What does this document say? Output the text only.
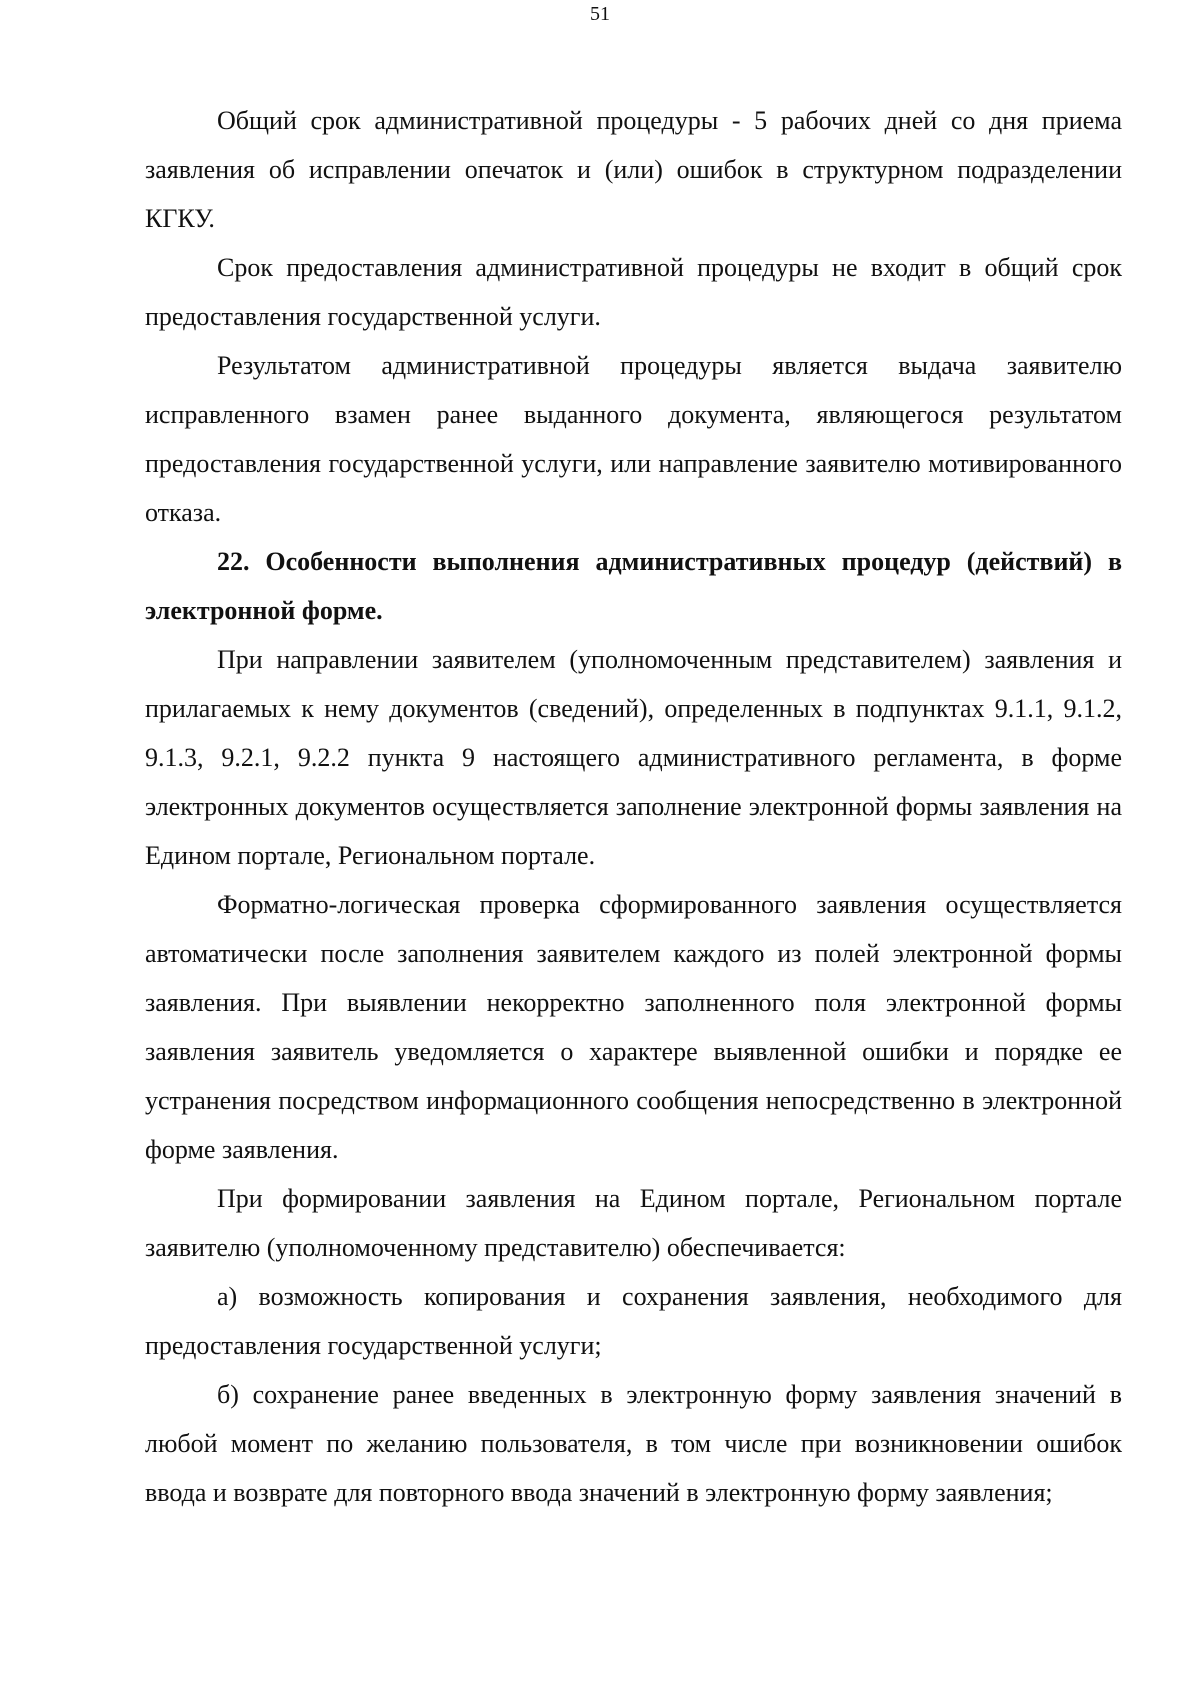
51

Общий срок административной процедуры - 5 рабочих дней со дня приема заявления об исправлении опечаток и (или) ошибок в структурном подразделении КГКУ.

Срок предоставления административной процедуры не входит в общий срок предоставления государственной услуги.

Результатом административной процедуры является выдача заявителю исправленного взамен ранее выданного документа, являющегося результатом предоставления государственной услуги, или направление заявителю мотивированного отказа.

22. Особенности выполнения административных процедур (действий) в электронной форме.

При направлении заявителем (уполномоченным представителем) заявления и прилагаемых к нему документов (сведений), определенных в подпунктах 9.1.1, 9.1.2, 9.1.3, 9.2.1, 9.2.2 пункта 9 настоящего административного регламента, в форме электронных документов осуществляется заполнение электронной формы заявления на Едином портале, Региональном портале.

Форматно-логическая проверка сформированного заявления осуществляется автоматически после заполнения заявителем каждого из полей электронной формы заявления. При выявлении некорректно заполненного поля электронной формы заявления заявитель уведомляется о характере выявленной ошибки и порядке ее устранения посредством информационного сообщения непосредственно в электронной форме заявления.

При формировании заявления на Едином портале, Региональном портале заявителю (уполномоченному представителю) обеспечивается:

а) возможность копирования и сохранения заявления, необходимого для предоставления государственной услуги;

б) сохранение ранее введенных в электронную форму заявления значений в любой момент по желанию пользователя, в том числе при возникновении ошибок ввода и возврате для повторного ввода значений в электронную форму заявления;
